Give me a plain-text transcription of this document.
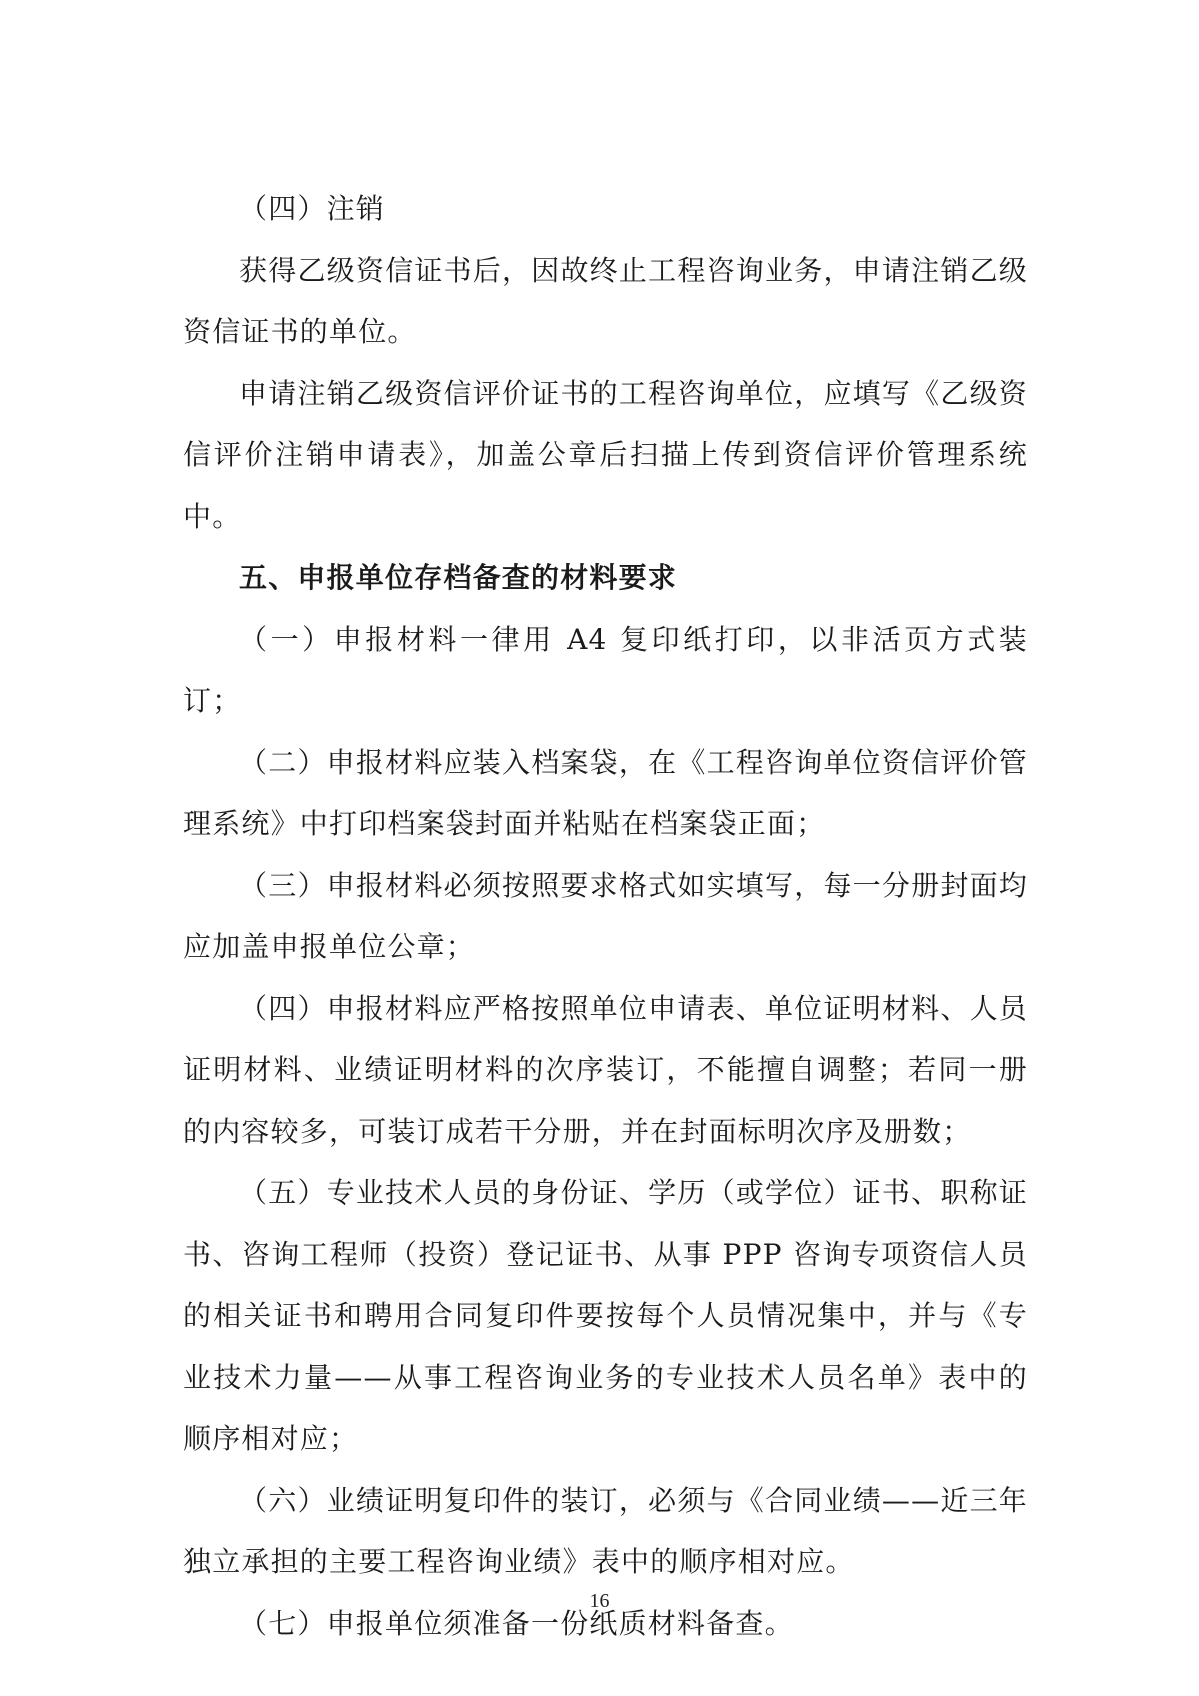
（四）注销

获得乙级资信证书后，因故终止工程咨询业务，申请注销乙级资信证书的单位。

申请注销乙级资信评价证书的工程咨询单位，应填写《乙级资信评价注销申请表》，加盖公章后扫描上传到资信评价管理系统中。

五、申报单位存档备查的材料要求

（一）申报材料一律用 A4 复印纸打印，以非活页方式装订；

（二）申报材料应装入档案袋，在《工程咨询单位资信评价管理系统》中打印档案袋封面并粘贴在档案袋正面；

（三）申报材料必须按照要求格式如实填写，每一分册封面均应加盖申报单位公章；

（四）申报材料应严格按照单位申请表、单位证明材料、人员证明材料、业绩证明材料的次序装订，不能擅自调整；若同一册的内容较多，可装订成若干分册，并在封面标明次序及册数；

（五）专业技术人员的身份证、学历（或学位）证书、职称证书、咨询工程师（投资）登记证书、从事 PPP 咨询专项资信人员的相关证书和聘用合同复印件要按每个人员情况集中，并与《专业技术力量——从事工程咨询业务的专业技术人员名单》表中的顺序相对应；

（六）业绩证明复印件的装订，必须与《合同业绩——近三年独立承担的主要工程咨询业绩》表中的顺序相对应。

（七）申报单位须准备一份纸质材料备查。

16
